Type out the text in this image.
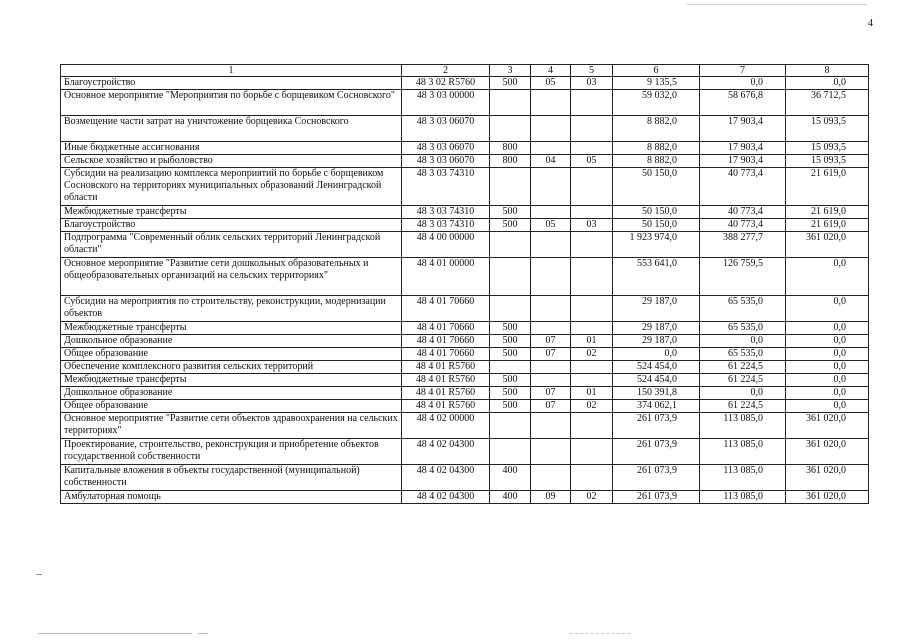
4
1	2	3	4	5	6	7	8
Благоустройство	48 3 02 R5760	500	05	03	9 135,5	0,0	0,0
Основное мероприятие "Мероприятия по борьбе с борщевиком Сосновского"	48 3 03 00000				59 032,0	58 676,8	36 712,5
Возмещение части затрат на уничтожение борщевика Сосновского	48 3 03 06070				8 882,0	17 903,4	15 093,5
Иные бюджетные ассигнования	48 3 03 06070	800			8 882,0	17 903,4	15 093,5
Сельское хозяйство и рыболовство	48 3 03 06070	800	04	05	8 882,0	17 903,4	15 093,5
Субсидии на реализацию комплекса мероприятий по борьбе с борщевиком Сосновского на территориях муниципальных образований Ленинградской области	48 3 03 74310				50 150,0	40 773,4	21 619,0
Межбюджетные трансферты	48 3 03 74310	500			50 150,0	40 773,4	21 619,0
Благоустройство	48 3 03 74310	500	05	03	50 150,0	40 773,4	21 619,0
Подпрограмма "Современный облик сельских территорий Ленинградской области"	48 4 00 00000				1 923 974,0	388 277,7	361 020,0
Основное мероприятие "Развитие сети дошкольных образовательных и общеобразовательных организаций на сельских территориях"	48 4 01 00000				553 641,0	126 759,5	0,0
Субсидии на мероприятия по строительству, реконструкции, модернизации объектов	48 4 01 70660				29 187,0	65 535,0	0,0
Межбюджетные трансферты	48 4 01 70660	500			29 187,0	65 535,0	0,0
Дошкольное образование	48 4 01 70660	500	07	01	29 187,0	0,0	0,0
Общее образование	48 4 01 70660	500	07	02	0,0	65 535,0	0,0
Обеспечение комплексного развития сельских территорий	48 4 01 R5760				524 454,0	61 224,5	0,0
Межбюджетные трансферты	48 4 01 R5760	500			524 454,0	61 224,5	0,0
Дошкольное образование	48 4 01 R5760	500	07	01	150 391,8	0,0	0,0
Общее образование	48 4 01 R5760	500	07	02	374 062,1	61 224,5	0,0
Основное мероприятие "Развитие сети объектов здравоохранения на сельских территориях"	48 4 02 00000				261 073,9	113 085,0	361 020,0
Проектирование, строительство, реконструкция и приобретение объектов государственной собственности	48 4 02 04300				261 073,9	113 085,0	361 020,0
Капитальные вложения в объекты государственной (муниципальной) собственности	48 4 02 04300	400			261 073,9	113 085,0	361 020,0
Амбулаторная помощь	48 4 02 04300	400	09	02	261 073,9	113 085,0	361 020,0
